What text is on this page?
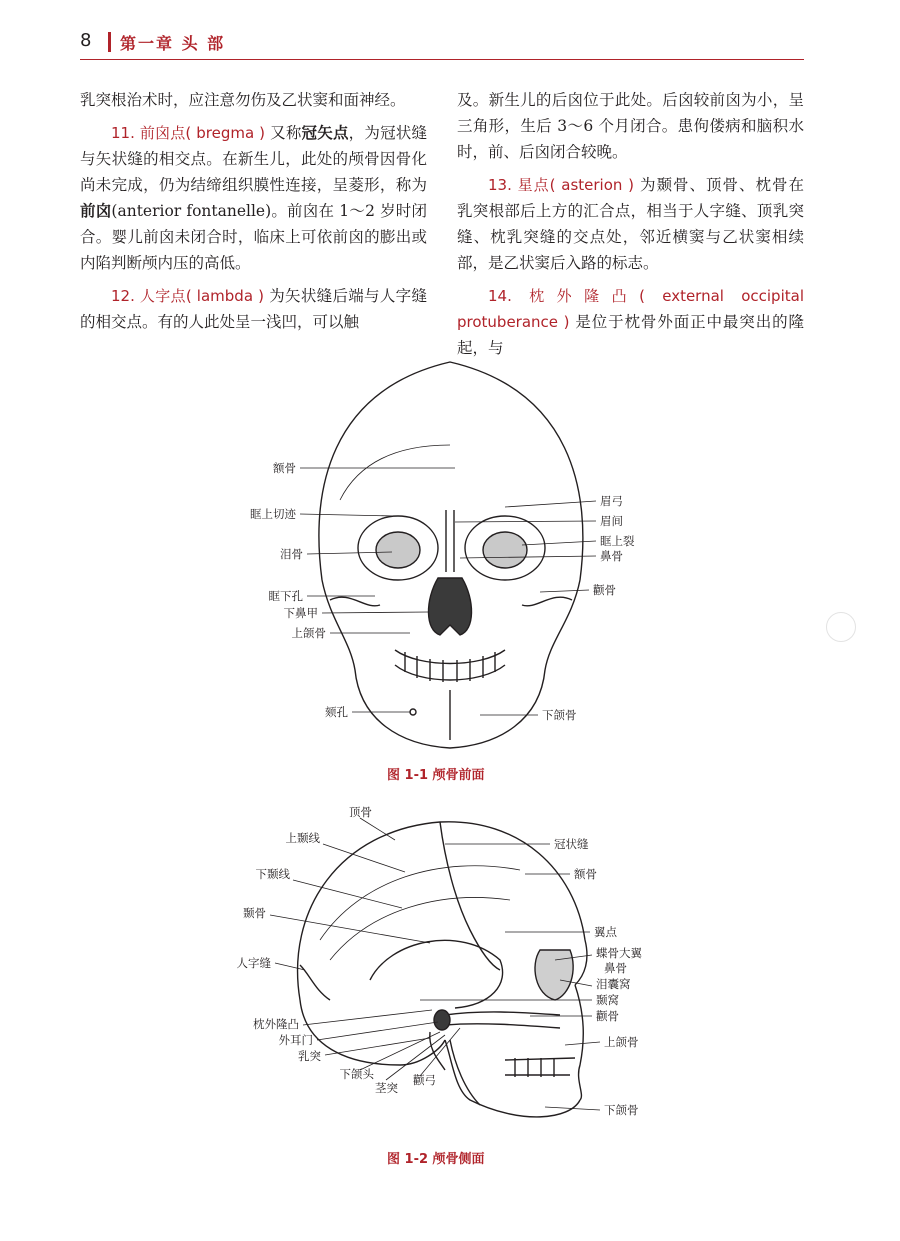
8 第一章 头 部

乳突根治术时，应注意勿伤及乙状窦和面神经。

11. 前囟点( bregma ) 又称冠矢点，为冠状缝与矢状缝的相交点。在新生儿，此处的颅骨因骨化尚未完成，仍为结缔组织膜性连接，呈菱形，称为前囟(anterior fontanelle)。前囟在 1～2 岁时闭合。婴儿前囟未闭合时，临床上可依前囟的膨出或内陷判断颅内压的高低。

12. 人字点( lambda ) 为矢状缝后端与人字缝的相交点。有的人此处呈一浅凹，可以触

及。新生儿的后囟位于此处。后囟较前囟为小，呈三角形，生后 3～6 个月闭合。患佝偻病和脑积水时，前、后囟闭合较晚。

13. 星点( asterion ) 为颞骨、顶骨、枕骨在乳突根部后上方的汇合点，相当于人字缝、顶乳突缝、枕乳突缝的交点处，邻近横窦与乙状窦相续部，是乙状窦后入路的标志。

14. 枕外隆凸( external occipital protuberance ) 是位于枕骨外面正中最突出的隆起，与

额骨
眶上切迹
泪骨
眶下孔
下鼻甲
上颌骨
颏孔
眉弓
眉间
眶上裂
鼻骨
颧骨
下颌骨
图 1-1 颅骨前面
顶骨
上颞线
下颞线
颞骨
人字缝
枕外隆凸
外耳门
乳突
下颌头
茎突
颧弓
冠状缝
额骨
翼点
蝶骨大翼
鼻骨
泪囊窝
颞窝
颧骨
上颌骨
下颌骨
图 1-2 颅骨侧面
